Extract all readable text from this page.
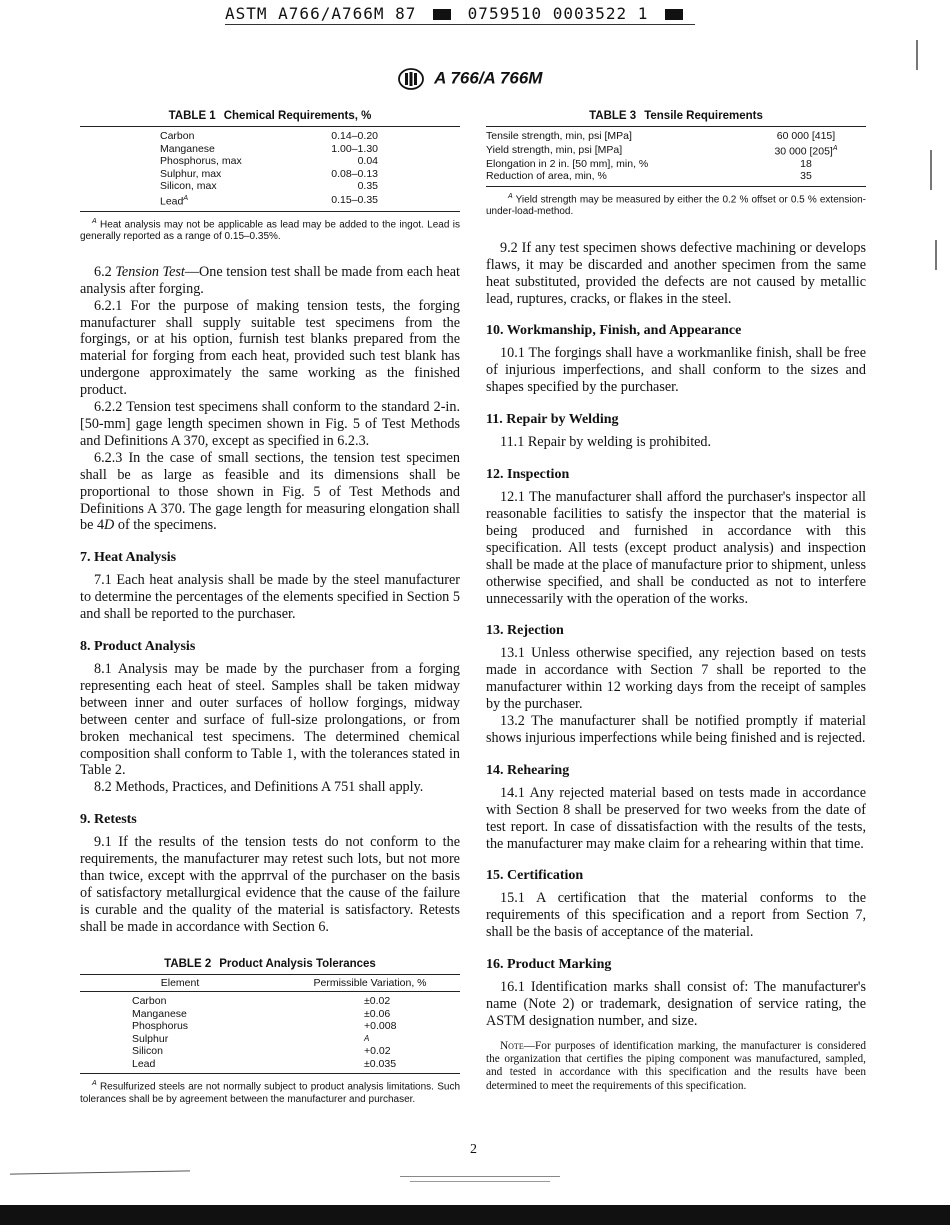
ASTM A766/A766M 87	0759510 0003522 1
A 766/A 766M
TABLE 1 Chemical Requirements, %
Carbon	0.14–0.20
Manganese	1.00–1.30
Phosphorus, max	0.04
Sulphur, max	0.08–0.13
Silicon, max	0.35
Lead$^A$	0.15–0.35
$^A$ Heat analysis may not be applicable as lead may be added to the ingot. Lead is generally reported as a range of 0.15–0.35%.

6.2 Tension Test—One tension test shall be made from each heat analysis after forging.

6.2.1 For the purpose of making tension tests, the forging manufacturer shall supply suitable test specimens from the forgings, or at his option, furnish test blanks prepared from the material for forging from each heat, provided such test blank has undergone approximately the same working as the finished product.

6.2.2 Tension test specimens shall conform to the standard 2-in. [50-mm] gage length specimen shown in Fig. 5 of Test Methods and Definitions A 370, except as specified in 6.2.3.

6.2.3 In the case of small sections, the tension test specimen shall be as large as feasible and its dimensions shall be proportional to those shown in Fig. 5 of Test Methods and Definitions A 370. The gage length for measuring elongation shall be 4D of the specimens.

7. Heat Analysis

7.1 Each heat analysis shall be made by the steel manufacturer to determine the percentages of the elements specified in Section 5 and shall be reported to the purchaser.

8. Product Analysis

8.1 Analysis may be made by the purchaser from a forging representing each heat of steel. Samples shall be taken midway between inner and outer surfaces of hollow forgings, midway between center and surface of full-size prolongations, or from broken mechanical test specimens. The determined chemical composition shall conform to Table 1, with the tolerances stated in Table 2.

8.2 Methods, Practices, and Definitions A 751 shall apply.

9. Retests

9.1 If the results of the tension tests do not conform to the requirements, the manufacturer may retest such lots, but not more than twice, except with the apprrval of the purchaser on the basis of satisfactory metallurgical evidence that the cause of the failure is curable and the quality of the material is satisfactory. Retests shall be made in accordance with Section 6.

TABLE 2 Product Analysis Tolerances
Element	Permissible Variation, %
Carbon	±0.02
Manganese	±0.06
Phosphorus	+0.008
Sulphur	A
Silicon	+0.02
Lead	±0.035
$^A$ Resulfurized steels are not normally subject to product analysis limitations. Such tolerances shall be by agreement between the manufacturer and purchaser.
TABLE 3 Tensile Requirements
Tensile strength, min, psi [MPa]	60 000 [415]
Yield strength, min, psi [MPa]	30 000 $[205]^A$
Elongation in 2 in. [50 mm], min, %	18
Reduction of area, min, %	35
$^A$ Yield strength may be measured by either the 0.2 % offset or 0.5 % extension-under-load-method.

9.2 If any test specimen shows defective machining or develops flaws, it may be discarded and another specimen from the same heat substituted, provided the defects are not caused by metallic lead, ruptures, cracks, or flakes in the steel.

10. Workmanship, Finish, and Appearance

10.1 The forgings shall have a workmanlike finish, shall be free of injurious imperfections, and shall conform to the sizes and shapes specified by the purchaser.

11. Repair by Welding

11.1 Repair by welding is prohibited.

12. Inspection

12.1 The manufacturer shall afford the purchaser's inspector all reasonable facilities to satisfy the inspector that the material is being produced and furnished in accordance with this specification. All tests (except product analysis) and inspection shall be made at the place of manufacture prior to shipment, unless otherwise specified, and shall be conducted as not to interfere unnecessarily with the operation of the works.

13. Rejection

13.1 Unless otherwise specified, any rejection based on tests made in accordance with Section 7 shall be reported to the manufacturer within 12 working days from the receipt of samples by the purchaser.

13.2 The manufacturer shall be notified promptly if material shows injurious imperfections while being finished and is rejected.

14. Rehearing

14.1 Any rejected material based on tests made in accordance with Section 8 shall be preserved for two weeks from the date of test report. In case of dissatisfaction with the results of the tests, the manufacturer may make claim for a rehearing within that time.

15. Certification

15.1 A certification that the material conforms to the requirements of this specification and a report from Section 7, shall be the basis of acceptance of the material.

16. Product Marking

16.1 Identification marks shall consist of: The manufacturer's name (Note 2) or trademark, designation of service rating, the ASTM designation number, and size.

Note—For purposes of identification marking, the manufacturer is considered the organization that certifies the piping component was manufactured, sampled, and tested in accordance with this specification and the results have been determined to meet the requirements of this specification.

2
